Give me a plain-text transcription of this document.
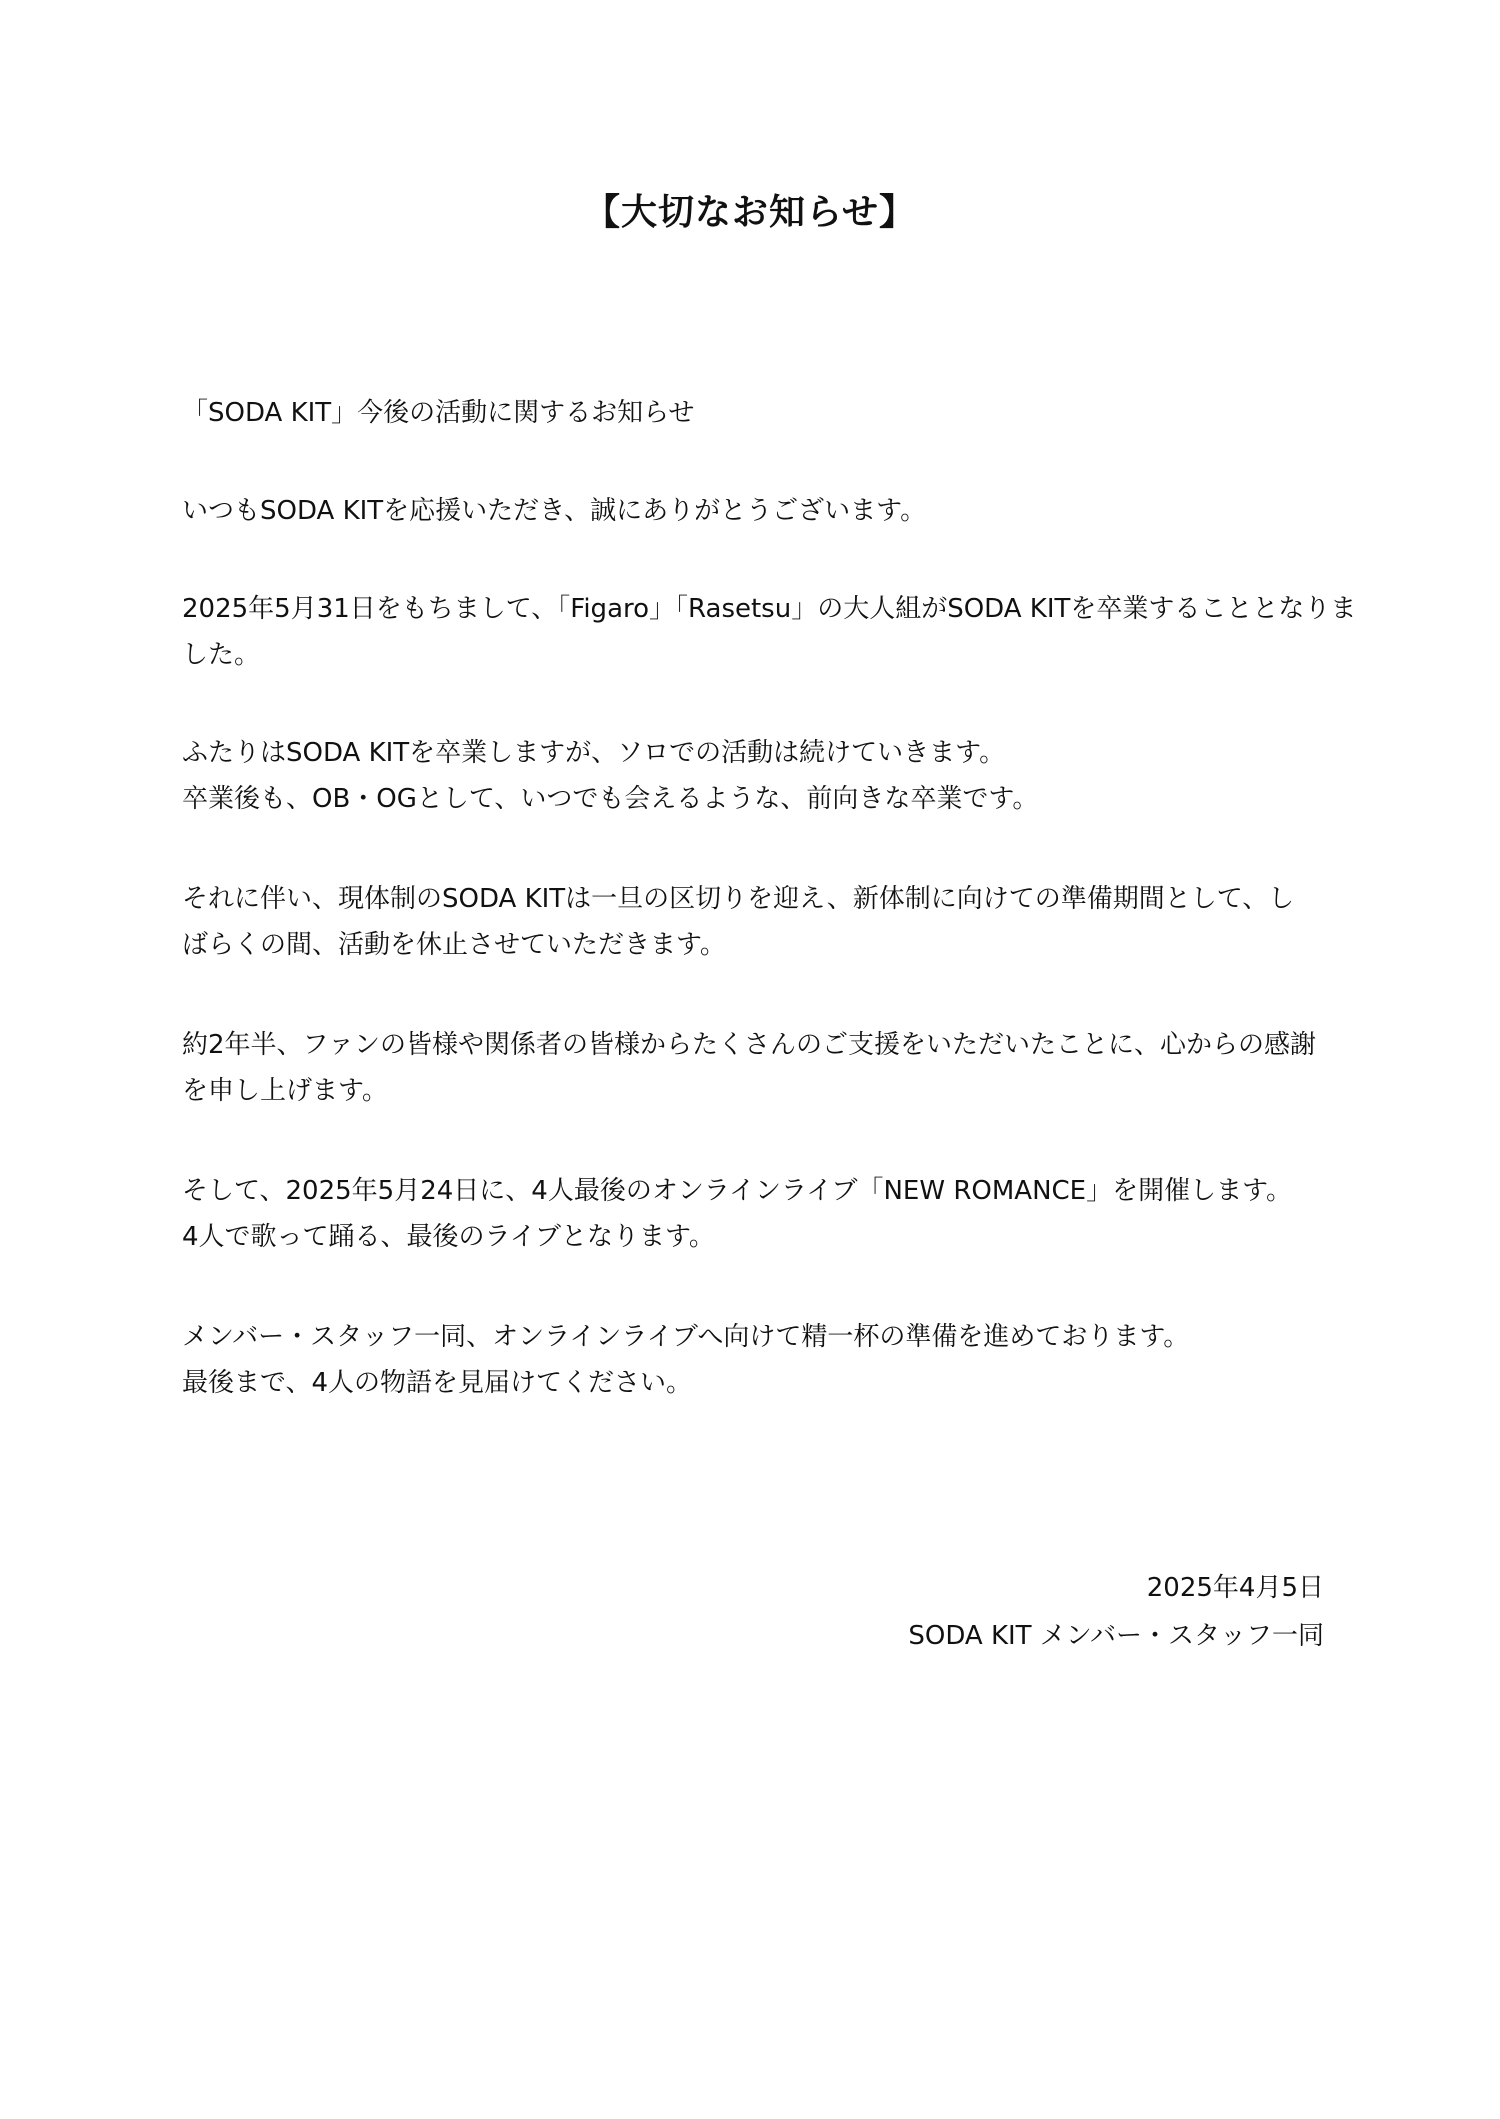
【大切なお知らせ】
「SODA KIT」今後の活動に関するお知らせ
いつもSODA KITを応援いただき、誠にありがとうございます。
2025年5月31日をもちまして、「Figaro」「Rasetsu」の大人組がSODA KITを卒業することとなりま
した。
ふたりはSODA KITを卒業しますが、ソロでの活動は続けていきます。
卒業後も、OB・OGとして、いつでも会えるような、前向きな卒業です。
それに伴い、現体制のSODA KITは一旦の区切りを迎え、新体制に向けての準備期間として、し
ばらくの間、活動を休止させていただきます。
約2年半、ファンの皆様や関係者の皆様からたくさんのご支援をいただいたことに、心からの感謝
を申し上げます。
そして、2025年5月24日に、4人最後のオンラインライブ「NEW ROMANCE」を開催します。
4人で歌って踊る、最後のライブとなります。
メンバー・スタッフ一同、オンラインライブへ向けて精一杯の準備を進めております。
最後まで、4人の物語を見届けてください。
2025年4月5日
SODA KIT メンバー・スタッフ一同
